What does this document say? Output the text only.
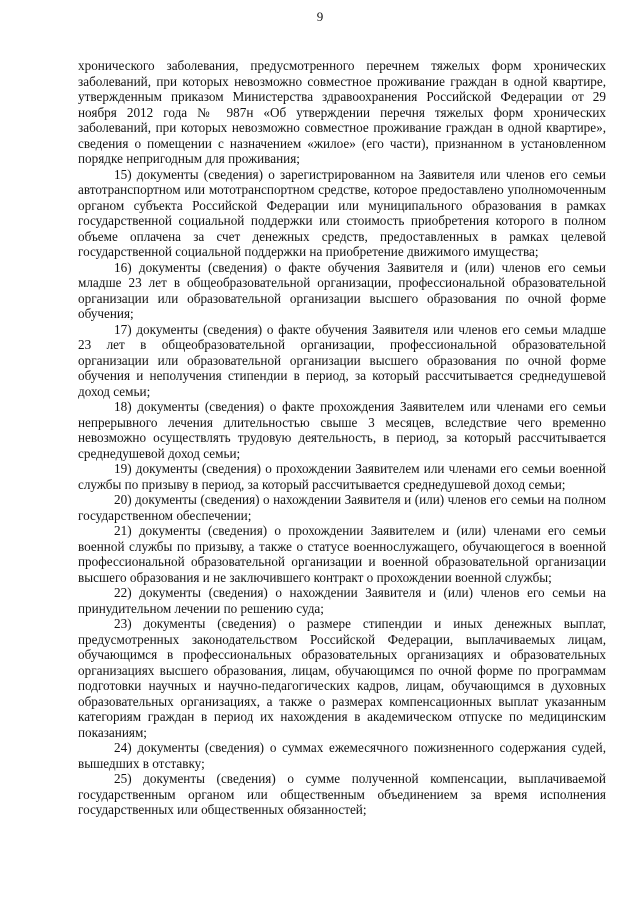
9

хронического заболевания, предусмотренного перечнем тяжелых форм хронических заболеваний, при которых невозможно совместное проживание граждан в одной квартире, утвержденным приказом Министерства здравоохранения Российской Федерации от 29 ноября 2012 года № 987н «Об утверждении перечня тяжелых форм хронических заболеваний, при которых невозможно совместное проживание граждан в одной квартире», сведения о помещении с назначением «жилое» (его части), признанном в установленном порядке непригодным для проживания;

15) документы (сведения) о зарегистрированном на Заявителя или членов его семьи автотранспортном или мототранспортном средстве, которое предоставлено уполномоченным органом субъекта Российской Федерации или муниципального образования в рамках государственной социальной поддержки или стоимость приобретения которого в полном объеме оплачена за счет денежных средств, предоставленных в рамках целевой государственной социальной поддержки на приобретение движимого имущества;

16) документы (сведения) о факте обучения Заявителя и (или) членов его семьи младше 23 лет в общеобразовательной организации, профессиональной образовательной организации или образовательной организации высшего образования по очной форме обучения;

17) документы (сведения) о факте обучения Заявителя или членов его семьи младше 23 лет в общеобразовательной организации, профессиональной образовательной организации или образовательной организации высшего образования по очной форме обучения и неполучения стипендии в период, за который рассчитывается среднедушевой доход семьи;

18) документы (сведения) о факте прохождения Заявителем или членами его семьи непрерывного лечения длительностью свыше 3 месяцев, вследствие чего временно невозможно осуществлять трудовую деятельность, в период, за который рассчитывается среднедушевой доход семьи;

19) документы (сведения) о прохождении Заявителем или членами его семьи военной службы по призыву в период, за который рассчитывается среднедушевой доход семьи;

20) документы (сведения) о нахождении Заявителя и (или) членов его семьи на полном государственном обеспечении;

21) документы (сведения) о прохождении Заявителем и (или) членами его семьи военной службы по призыву, а также о статусе военнослужащего, обучающегося в военной профессиональной образовательной организации и военной образовательной организации высшего образования и не заключившего контракт о прохождении военной службы;

22) документы (сведения) о нахождении Заявителя и (или) членов его семьи на принудительном лечении по решению суда;

23) документы (сведения) о размере стипендии и иных денежных выплат, предусмотренных законодательством Российской Федерации, выплачиваемых лицам, обучающимся в профессиональных образовательных организациях и образовательных организациях высшего образования, лицам, обучающимся по очной форме по программам подготовки научных и научно-педагогических кадров, лицам, обучающимся в духовных образовательных организациях, а также о размерах компенсационных выплат указанным категориям граждан в период их нахождения в академическом отпуске по медицинским показаниям;

24) документы (сведения) о суммах ежемесячного пожизненного содержания судей, вышедших в отставку;

25) документы (сведения) о сумме полученной компенсации, выплачиваемой государственным органом или общественным объединением за время исполнения государственных или общественных обязанностей;
